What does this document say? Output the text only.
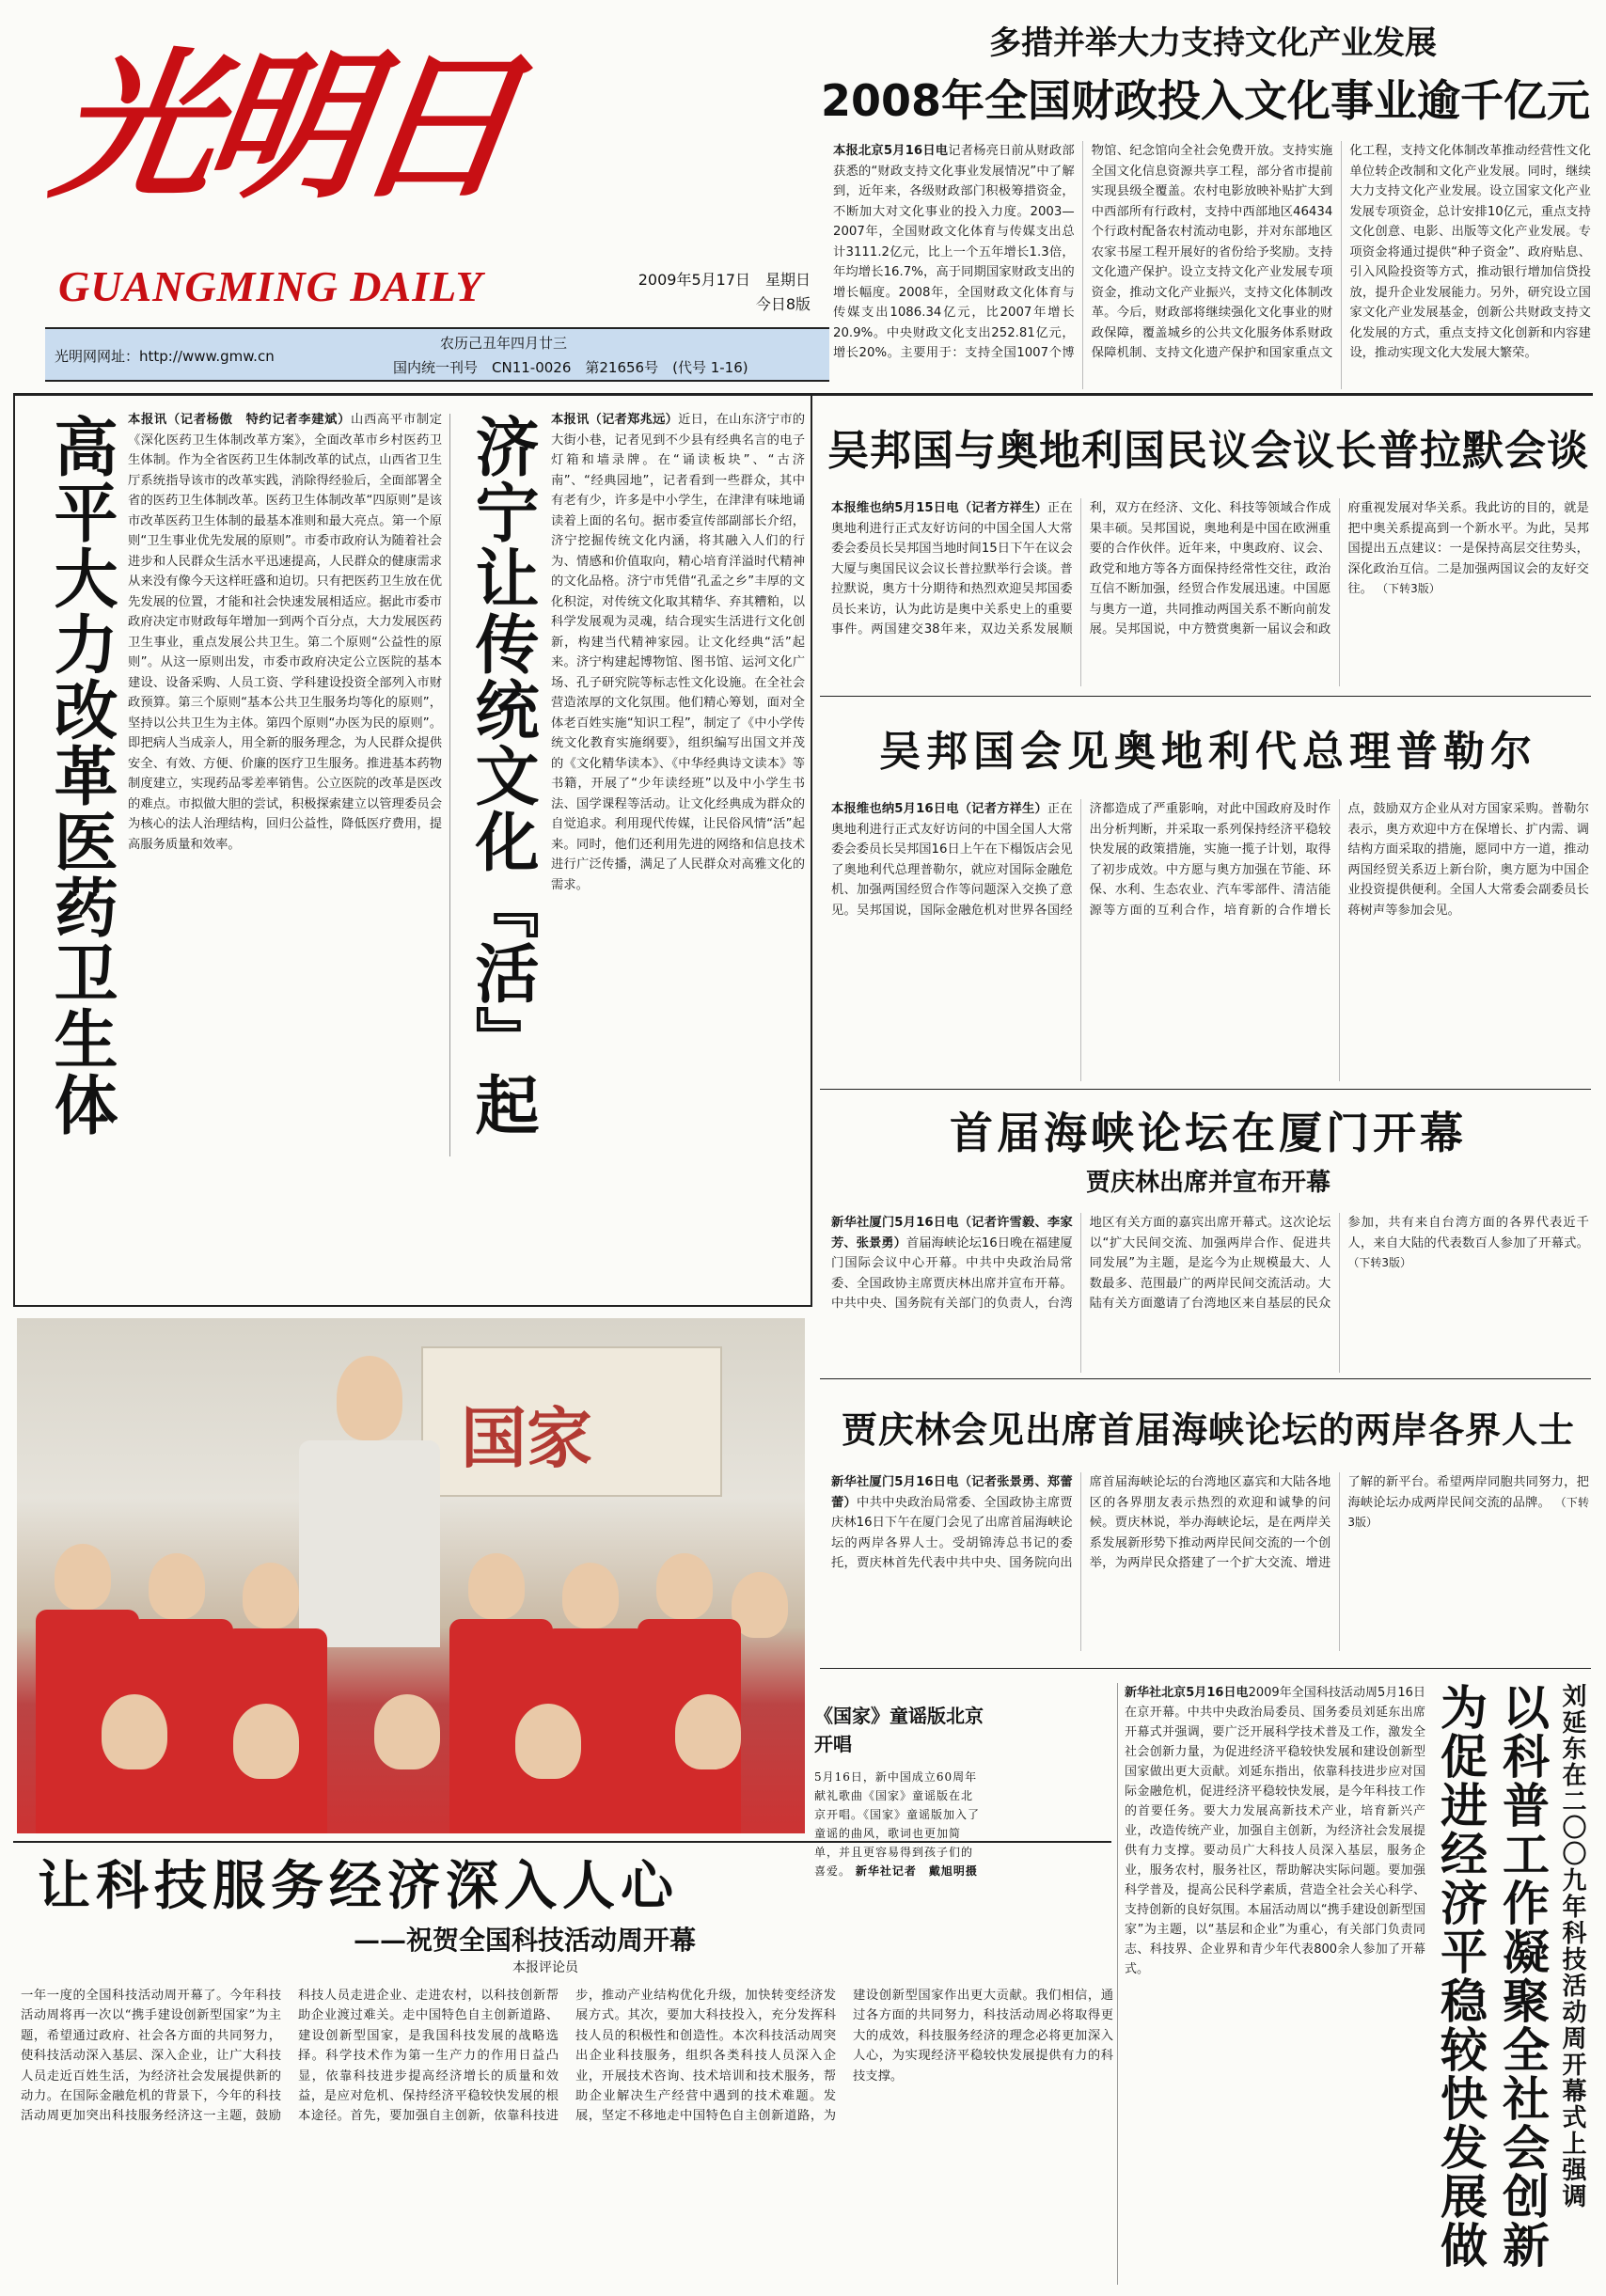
光明日報
GUANGMING DAILY	2009年5月17日　星期日
今日8版
光明网网址：http://www.gmw.cn
农历己丑年四月廿三
国内统一刊号　CN11-0026　第21656号　(代号 1-16)
多措并举大力支持文化产业发展
2008年全国财政投入文化事业逾千亿元
本报北京5月16日电记者杨亮日前从财政部获悉的“财政支持文化事业发展情况”中了解到，近年来，各级财政部门积极筹措资金，不断加大对文化事业的投入力度。2003—2007年，全国财政文化体育与传媒支出总计3111.2亿元，比上一个五年增长1.3倍，年均增长16.7%，高于同期国家财政支出的增长幅度。2008年，全国财政文化体育与传媒支出1086.34亿元，比2007年增长20.9%。中央财政文化支出252.81亿元，增长20%。主要用于：支持全国1007个博物馆、纪念馆向全社会免费开放。支持实施全国文化信息资源共享工程，部分省市提前实现县级全覆盖。农村电影放映补贴扩大到中西部所有行政村，支持中西部地区46434个行政村配备农村流动电影，并对东部地区农家书屋工程开展好的省份给予奖励。支持文化遗产保护。设立支持文化产业发展专项资金，推动文化产业振兴，支持文化体制改革。今后，财政部将继续强化文化事业的财政保障，覆盖城乡的公共文化服务体系财政保障机制、支持文化遗产保护和国家重点文化工程，支持文化体制改革推动经营性文化单位转企改制和文化产业发展。同时，继续大力支持文化产业发展。设立国家文化产业发展专项资金，总计安排10亿元，重点支持文化创意、电影、出版等文化产业发展。专项资金将通过提供“种子资金”、政府贴息、引入风险投资等方式，推动银行增加信贷投放，提升企业发展能力。另外，研究设立国家文化产业发展基金，创新公共财政支持文化发展的方式，重点支持文化创新和内容建设，推动实现文化大发展大繁荣。
高平大力改革医药卫生体
本报讯（记者杨傲　特约记者李建斌）山西高平市制定《深化医药卫生体制改革方案》，全面改革市乡村医药卫生体制。作为全省医药卫生体制改革的试点，山西省卫生厅系统指导该市的改革实践，消除得经验后，全面部署全省的医药卫生体制改革。医药卫生体制改革“四原则”是该市改革医药卫生体制的最基本准则和最大亮点。第一个原则“卫生事业优先发展的原则”。市委市政府认为随着社会进步和人民群众生活水平迅速提高，人民群众的健康需求从来没有像今天这样旺盛和迫切。只有把医药卫生放在优先发展的位置，才能和社会快速发展相适应。据此市委市政府决定市财政每年增加一到两个百分点，大力发展医药卫生事业，重点发展公共卫生。第二个原则“公益性的原则”。从这一原则出发，市委市政府决定公立医院的基本建设、设备采购、人员工资、学科建设投资全部列入市财政预算。第三个原则“基本公共卫生服务均等化的原则”，坚持以公共卫生为主体。第四个原则“办医为民的原则”。即把病人当成亲人，用全新的服务理念，为人民群众提供安全、有效、方便、价廉的医疗卫生服务。推进基本药物制度建立，实现药品零差率销售。公立医院的改革是医改的难点。市拟做大胆的尝试，积极探索建立以管理委员会为核心的法人治理结构，回归公益性，降低医疗费用，提高服务质量和效率。
济宁让传统文化『活』起
本报讯（记者郑兆远）近日，在山东济宁市的大街小巷，记者见到不少县有经典名言的电子灯箱和墙录牌。在“诵读板块”、“古济南”、“经典园地”，记者看到一些群众，其中有老有少，许多是中小学生，在津津有味地诵读着上面的名句。据市委宣传部副部长介绍，济宁挖掘传统文化内涵，将其融入人们的行为、情感和价值取向，精心培育洋溢时代精神的文化品格。济宁市凭借“孔孟之乡”丰厚的文化积淀，对传统文化取其精华、弃其糟粕，以科学发展观为灵魂，结合现实生活进行文化创新，构建当代精神家园。让文化经典“活”起来。济宁构建起博物馆、图书馆、运河文化广场、孔子研究院等标志性文化设施。在全社会营造浓厚的文化氛围。他们精心筹划，面对全体老百姓实施“知识工程”，制定了《中小学传统文化教育实施纲要》，组织编写出国文并茂的《文化精华读本》、《中华经典诗文读本》等书籍，开展了“少年读经班”以及中小学生书法、国学课程等活动。让文化经典成为群众的自觉追求。利用现代传媒，让民俗风情“活”起来。同时，他们还利用先进的网络和信息技术进行广泛传播，满足了人民群众对高雅文化的需求。
吴邦国与奥地利国民议会议长普拉默会谈
本报维也纳5月15日电（记者方祥生）正在奥地利进行正式友好访问的中国全国人大常委会委员长吴邦国当地时间15日下午在议会大厦与奥国民议会议长普拉默举行会谈。普拉默说，奥方十分期待和热烈欢迎吴邦国委员长来访，认为此访是奥中关系史上的重要事件。两国建交38年来，双边关系发展顺利，双方在经济、文化、科技等领域合作成果丰硕。吴邦国说，奥地利是中国在欧洲重要的合作伙伴。近年来，中奥政府、议会、政党和地方等各方面保持经常性交往，政治互信不断加强，经贸合作发展迅速。中国愿与奥方一道，共同推动两国关系不断向前发展。吴邦国说，中方赞赏奥新一届议会和政府重视发展对华关系。我此访的目的，就是把中奥关系提高到一个新水平。为此，吴邦国提出五点建议：一是保持高层交往势头，深化政治互信。二是加强两国议会的友好交往。 （下转3版）
吴邦国会见奥地利代总理普勒尔
本报维也纳5月16日电（记者方祥生）正在奥地利进行正式友好访问的中国全国人大常委会委员长吴邦国16日上午在下榻饭店会见了奥地利代总理普勒尔，就应对国际金融危机、加强两国经贸合作等问题深入交换了意见。吴邦国说，国际金融危机对世界各国经济都造成了严重影响，对此中国政府及时作出分析判断，并采取一系列保持经济平稳较快发展的政策措施，实施一揽子计划，取得了初步成效。中方愿与奥方加强在节能、环保、水利、生态农业、汽车零部件、清洁能源等方面的互利合作，培育新的合作增长点，鼓励双方企业从对方国家采购。普勒尔表示，奥方欢迎中方在保增长、扩内需、调结构方面采取的措施，愿同中方一道，推动两国经贸关系迈上新台阶，奥方愿为中国企业投资提供便利。全国人大常委会副委员长蒋树声等参加会见。
首届海峡论坛在厦门开幕
贾庆林出席并宣布开幕
新华社厦门5月16日电（记者许雪毅、李家芳、张景勇）首届海峡论坛16日晚在福建厦门国际会议中心开幕。中共中央政治局常委、全国政协主席贾庆林出席并宣布开幕。中共中央、国务院有关部门的负责人，台湾地区有关方面的嘉宾出席开幕式。这次论坛以“扩大民间交流、加强两岸合作、促进共同发展”为主题，是迄今为止规模最大、人数最多、范围最广的两岸民间交流活动。大陆有关方面邀请了台湾地区来自基层的民众参加，共有来自台湾方面的各界代表近千人，来自大陆的代表数百人参加了开幕式。 （下转3版）
贾庆林会见出席首届海峡论坛的两岸各界人士
新华社厦门5月16日电（记者张景勇、郑蕾蕾）中共中央政治局常委、全国政协主席贾庆林16日下午在厦门会见了出席首届海峡论坛的两岸各界人士。受胡锦涛总书记的委托，贾庆林首先代表中共中央、国务院向出席首届海峡论坛的台湾地区嘉宾和大陆各地区的各界朋友表示热烈的欢迎和诚挚的问候。贾庆林说，举办海峡论坛，是在两岸关系发展新形势下推动两岸民间交流的一个创举，为两岸民众搭建了一个扩大交流、增进了解的新平台。希望两岸同胞共同努力，把海峡论坛办成两岸民间交流的品牌。 （下转3版）
国家
《国家》童谣版北京开唱
5月16日，新中国成立60周年献礼歌曲《国家》童谣版在北京开唱。《国家》童谣版加入了童谣的曲风，歌词也更加简单，并且更容易得到孩子们的喜爱。 新华社记者　戴旭明摄	刘延东在二〇〇九年科技活动周开幕式上强调
以科普工作凝聚全社会创新
为促进经济平稳较快发展做
新华社北京5月16日电2009年全国科技活动周5月16日在京开幕。中共中央政治局委员、国务委员刘延东出席开幕式并强调，要广泛开展科学技术普及工作，激发全社会创新力量，为促进经济平稳较快发展和建设创新型国家做出更大贡献。刘延东指出，依靠科技进步应对国际金融危机，促进经济平稳较快发展，是今年科技工作的首要任务。要大力发展高新技术产业，培育新兴产业，改造传统产业，加强自主创新，为经济社会发展提供有力支撑。要动员广大科技人员深入基层，服务企业，服务农村，服务社区，帮助解决实际问题。要加强科学普及，提高公民科学素质，营造全社会关心科学、支持创新的良好氛围。本届活动周以“携手建设创新型国家”为主题，以“基层和企业”为重心，有关部门负责同志、科技界、企业界和青少年代表800余人参加了开幕式。
让科技服务经济深入人心
——祝贺全国科技活动周开幕
本报评论员
一年一度的全国科技活动周开幕了。今年科技活动周将再一次以“携手建设创新型国家”为主题，希望通过政府、社会各方面的共同努力，使科技活动深入基层、深入企业，让广大科技人员走近百姓生活，为经济社会发展提供新的动力。在国际金融危机的背景下，今年的科技活动周更加突出科技服务经济这一主题，鼓励科技人员走进企业、走进农村，以科技创新帮助企业渡过难关。走中国特色自主创新道路、建设创新型国家，是我国科技发展的战略选择。科学技术作为第一生产力的作用日益凸显，依靠科技进步提高经济增长的质量和效益，是应对危机、保持经济平稳较快发展的根本途径。首先，要加强自主创新，依靠科技进步，推动产业结构优化升级，加快转变经济发展方式。其次，要加大科技投入，充分发挥科技人员的积极性和创造性。本次科技活动周突出企业科技服务，组织各类科技人员深入企业，开展技术咨询、技术培训和技术服务，帮助企业解决生产经营中遇到的技术难题。发展，坚定不移地走中国特色自主创新道路，为建设创新型国家作出更大贡献。我们相信，通过各方面的共同努力，科技活动周必将取得更大的成效，科技服务经济的理念必将更加深入人心，为实现经济平稳较快发展提供有力的科技支撑。
